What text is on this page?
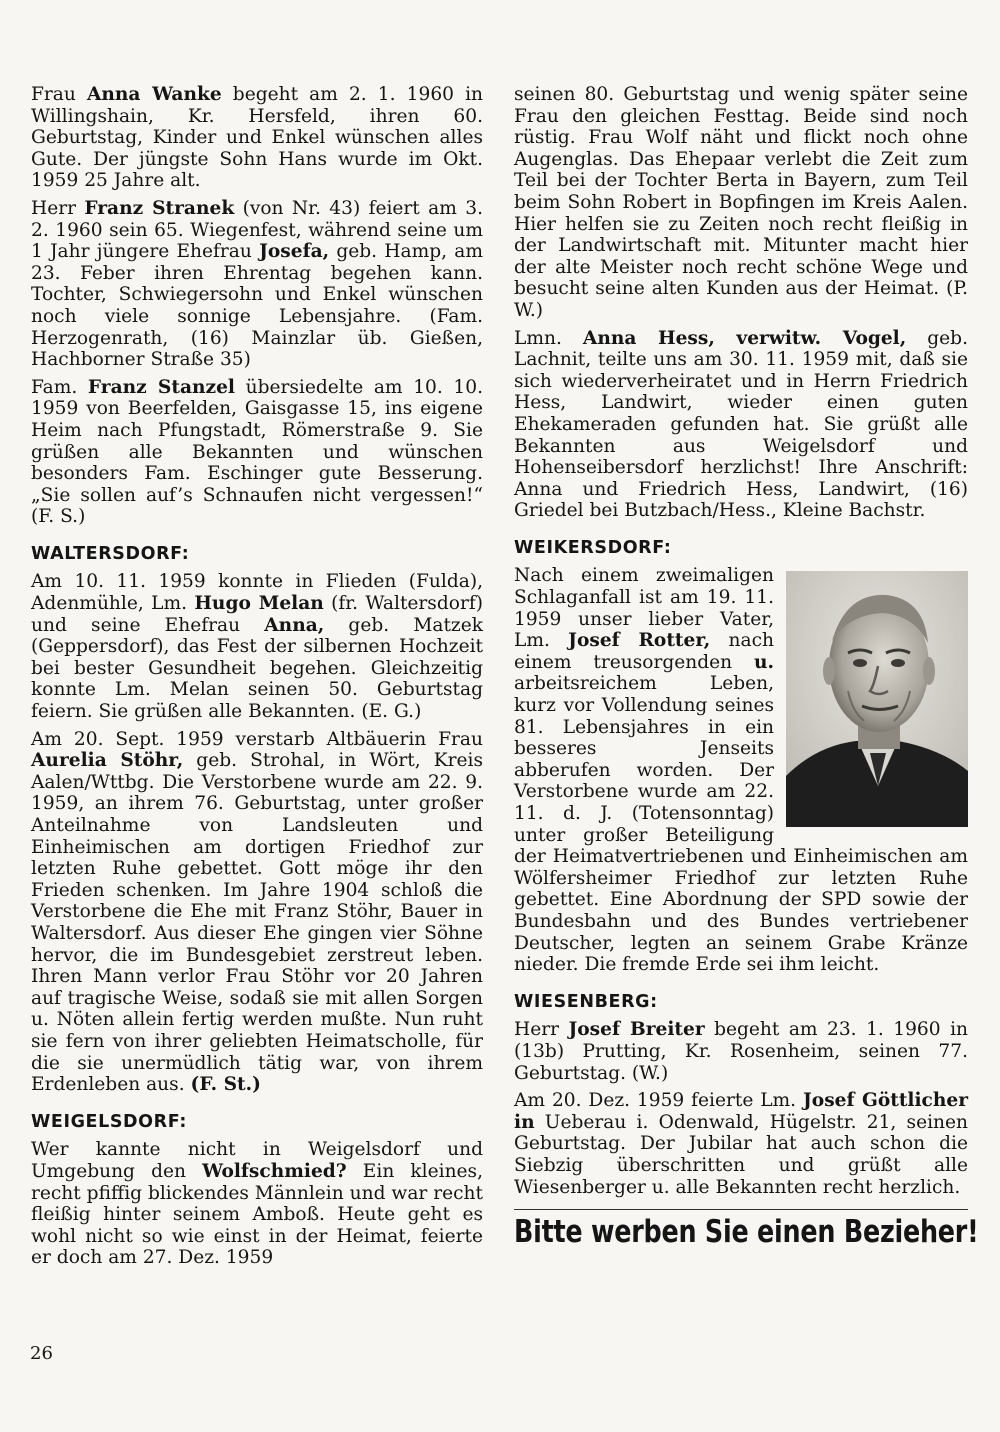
Frau Anna Wanke begeht am 2. 1. 1960 in Willingshain, Kr. Hersfeld, ihren 60. Geburtstag, Kinder und Enkel wünschen alles Gute. Der jüngste Sohn Hans wurde im Okt. 1959 25 Jahre alt.

Herr Franz Stranek (von Nr. 43) feiert am 3. 2. 1960 sein 65. Wiegenfest, während seine um 1 Jahr jüngere Ehefrau Josefa, geb. Hamp, am 23. Feber ihren Ehrentag begehen kann. Tochter, Schwiegersohn und Enkel wünschen noch viele sonnige Lebensjahre. (Fam. Herzogenrath, (16) Mainzlar üb. Gießen, Hachborner Straße 35)

Fam. Franz Stanzel übersiedelte am 10. 10. 1959 von Beerfelden, Gaisgasse 15, ins eigene Heim nach Pfungstadt, Römerstraße 9. Sie grüßen alle Bekannten und wünschen besonders Fam. Eschinger gute Besserung. „Sie sollen auf’s Schnaufen nicht vergessen!“ (F. S.)

WALTERSDORF:

Am 10. 11. 1959 konnte in Flieden (Fulda), Adenmühle, Lm. Hugo Melan (fr. Waltersdorf) und seine Ehefrau Anna, geb. Matzek (Geppersdorf), das Fest der silbernen Hochzeit bei bester Gesundheit begehen. Gleichzeitig konnte Lm. Melan seinen 50. Geburtstag feiern. Sie grüßen alle Bekannten. (E. G.)

Am 20. Sept. 1959 verstarb Altbäuerin Frau Aurelia Stöhr, geb. Strohal, in Wört, Kreis Aalen/Wttbg. Die Verstorbene wurde am 22. 9. 1959, an ihrem 76. Geburtstag, unter großer Anteilnahme von Landsleuten und Einheimischen am dortigen Friedhof zur letzten Ruhe gebettet. Gott möge ihr den Frieden schenken. Im Jahre 1904 schloß die Verstorbene die Ehe mit Franz Stöhr, Bauer in Waltersdorf. Aus dieser Ehe gingen vier Söhne hervor, die im Bundesgebiet zerstreut leben. Ihren Mann verlor Frau Stöhr vor 20 Jahren auf tragische Weise, sodaß sie mit allen Sorgen u. Nöten allein fertig werden mußte. Nun ruht sie fern von ihrer geliebten Heimatscholle, für die sie unermüdlich tätig war, von ihrem Erdenleben aus. (F. St.)

WEIGELSDORF:

Wer kannte nicht in Weigelsdorf und Umgebung den Wolfschmied? Ein kleines, recht pfiffig blickendes Männlein und war recht fleißig hinter seinem Amboß. Heute geht es wohl nicht so wie einst in der Heimat, feierte er doch am 27. Dez. 1959

seinen 80. Geburtstag und wenig später seine Frau den gleichen Festtag. Beide sind noch rüstig. Frau Wolf näht und flickt noch ohne Augenglas. Das Ehepaar verlebt die Zeit zum Teil bei der Tochter Berta in Bayern, zum Teil beim Sohn Robert in Bopfingen im Kreis Aalen. Hier helfen sie zu Zeiten noch recht fleißig in der Landwirtschaft mit. Mitunter macht hier der alte Meister noch recht schöne Wege und besucht seine alten Kunden aus der Heimat. (P. W.)

Lmn. Anna Hess, verwitw. Vogel, geb. Lachnit, teilte uns am 30. 11. 1959 mit, daß sie sich wiederverheiratet und in Herrn Friedrich Hess, Landwirt, wieder einen guten Ehekameraden gefunden hat. Sie grüßt alle Bekannten aus Weigelsdorf und Hohenseibersdorf herzlichst! Ihre Anschrift: Anna und Friedrich Hess, Landwirt, (16) Griedel bei Butzbach/Hess., Kleine Bachstr.

WEIKERSDORF:

Nach einem zweimaligen Schlaganfall ist am 19. 11. 1959 unser lieber Vater, Lm. Josef Rotter, nach einem treusorgenden u. arbeitsreichem Leben, kurz vor Vollendung seines 81. Lebensjahres in ein besseres Jenseits abberufen worden. Der Verstorbene wurde am 22. 11. d. J. (Totensonntag) unter großer Beteiligung der Heimatvertriebenen und Einheimischen am Wölfersheimer Friedhof zur letzten Ruhe gebettet. Eine Abordnung der SPD sowie der Bundesbahn und des Bundes vertriebener Deutscher, legten an seinem Grabe Kränze nieder. Die fremde Erde sei ihm leicht.

WIESENBERG:

Herr Josef Breiter begeht am 23. 1. 1960 in (13b) Prutting, Kr. Rosenheim, seinen 77. Geburtstag. (W.)

Am 20. Dez. 1959 feierte Lm. Josef Göttlicher in Ueberau i. Odenwald, Hügelstr. 21, seinen Geburtstag. Der Jubilar hat auch schon die Siebzig überschritten und grüßt alle Wiesenberger u. alle Bekannten recht herzlich.

Bitte werben Sie einen Bezieher!
26
